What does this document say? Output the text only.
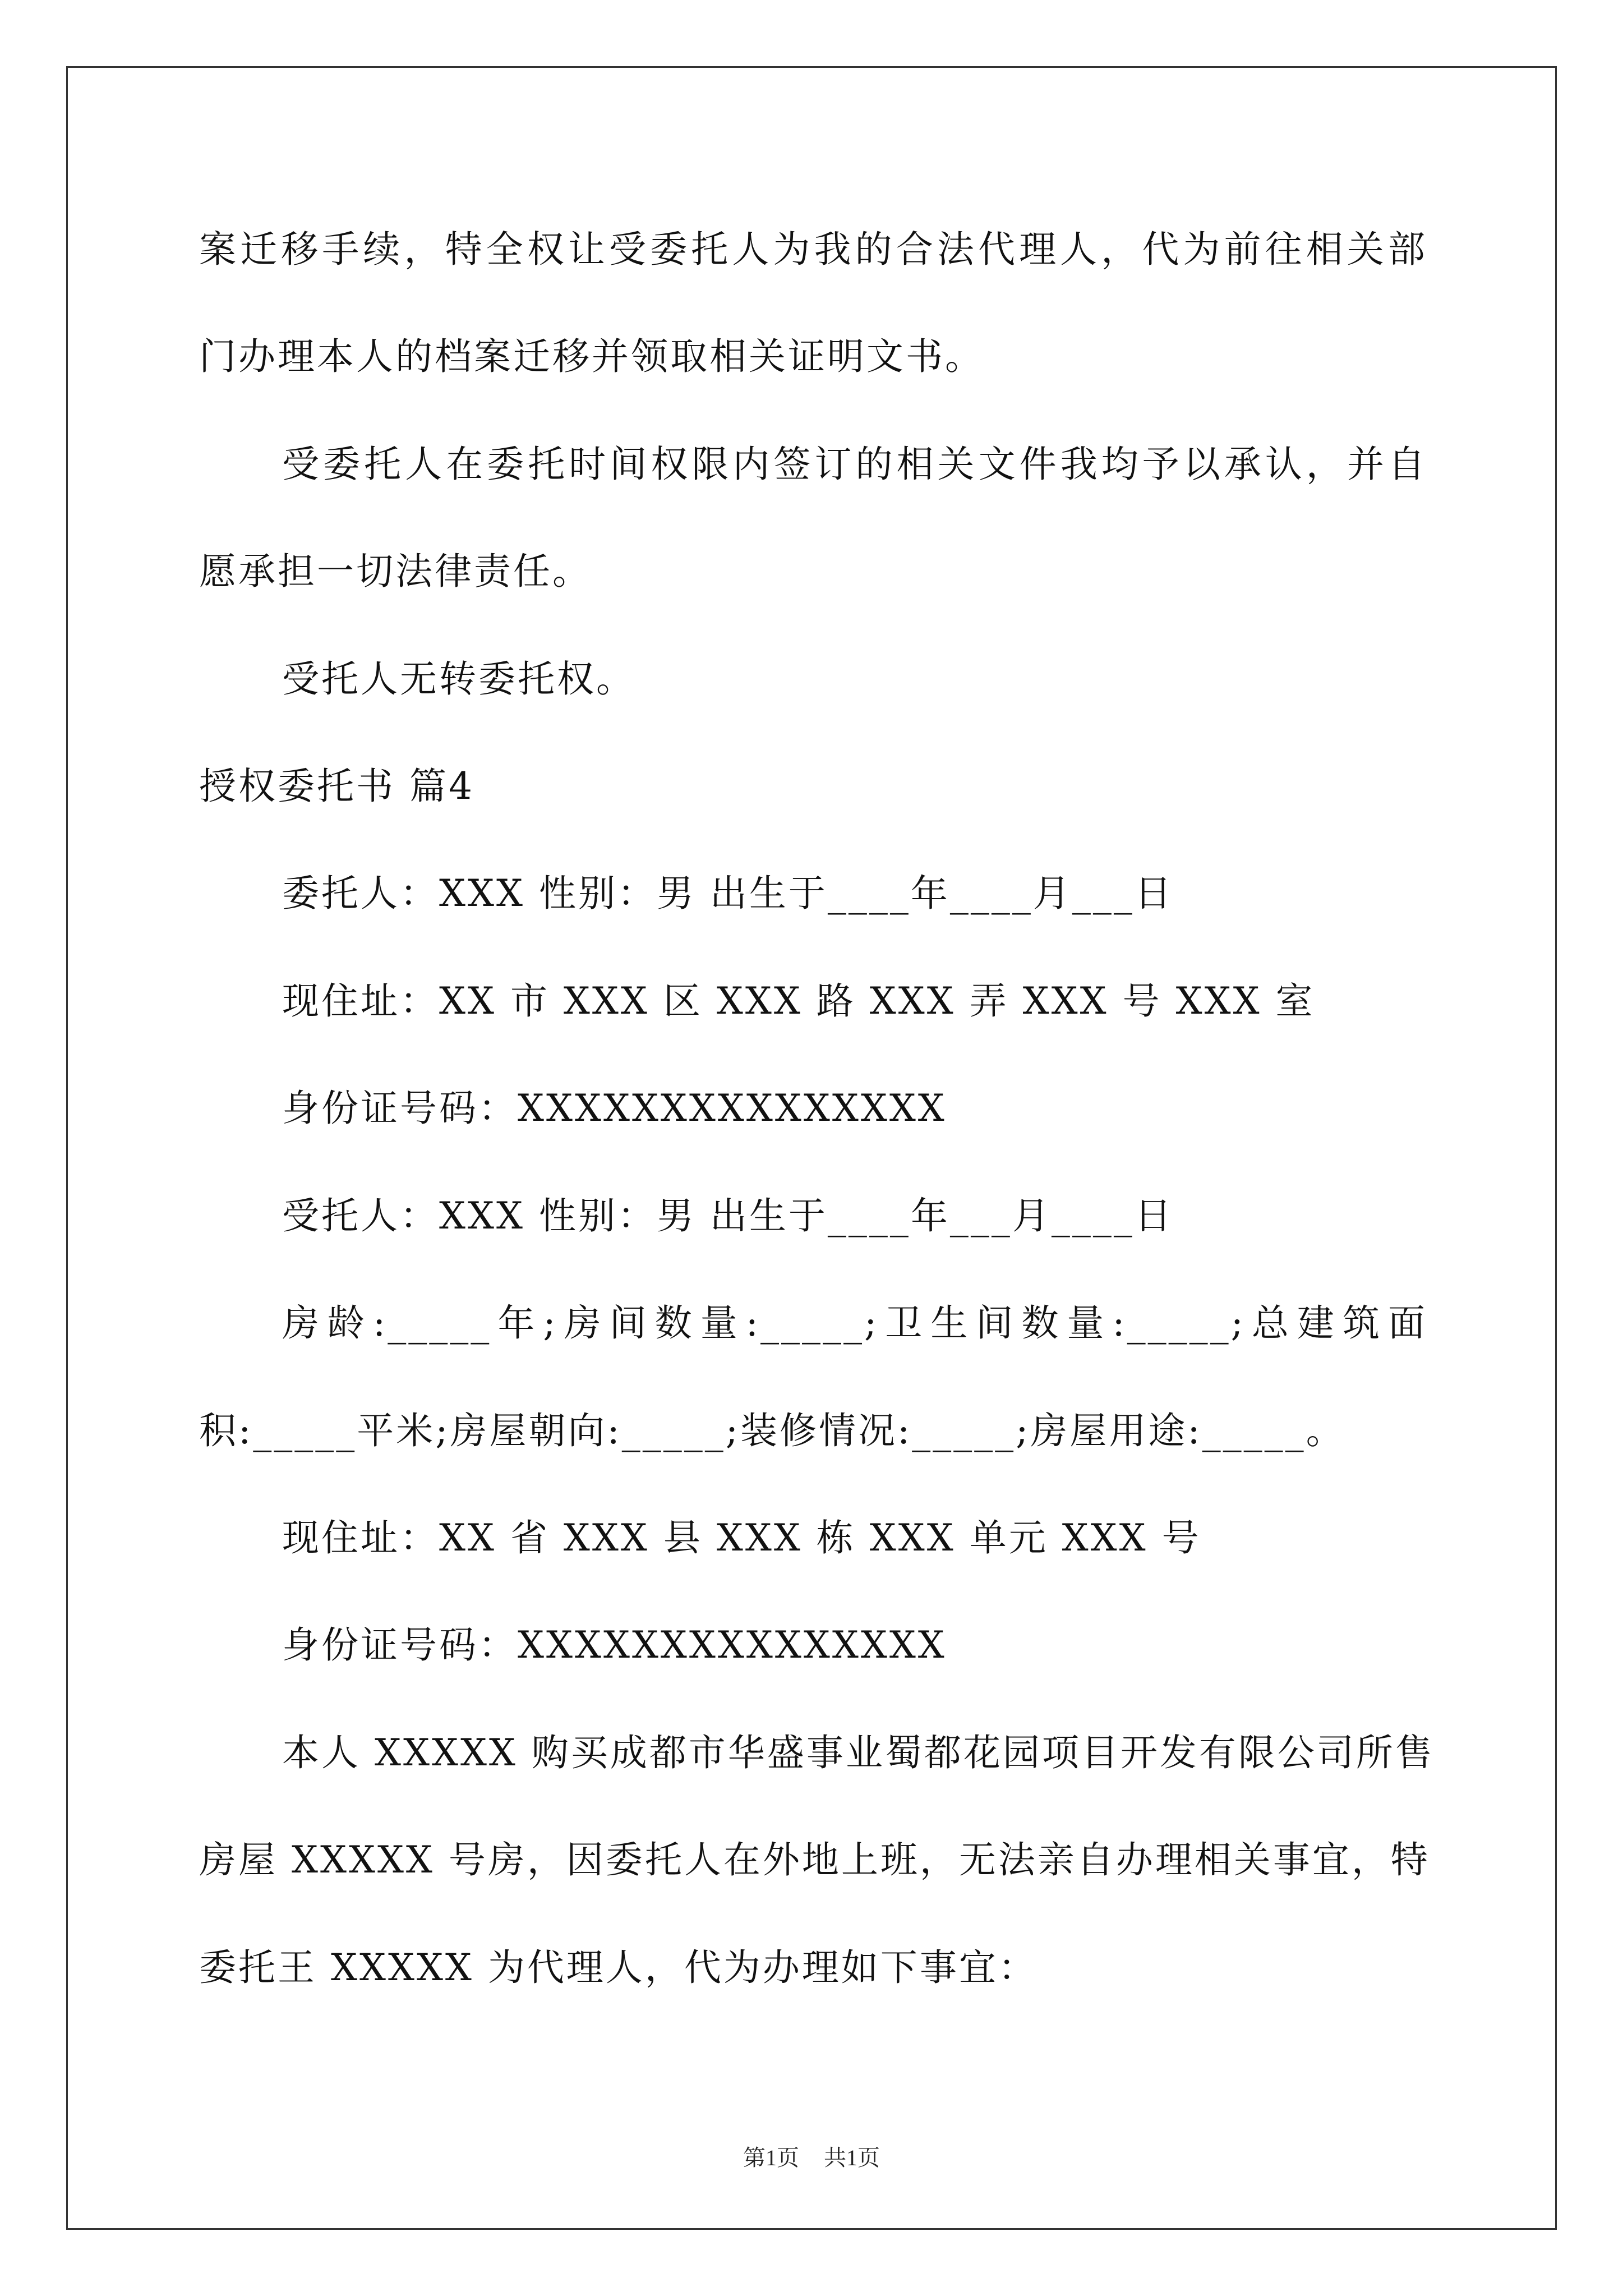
案迁移手续，特全权让受委托人为我的合法代理人，代为前往相关部
门办理本人的档案迁移并领取相关证明文书。
受委托人在委托时间权限内签订的相关文件我均予以承认，并自
愿承担一切法律责任。
受托人无转委托权。
授权委托书 篇4
委托人：XXX 性别：男 出生于____年____月___日
现住址：XX 市 XXX 区 XXX 路 XXX 弄 XXX 号 XXX 室
身份证号码：XXXXXXXXXXXXXXX
受托人：XXX 性别：男 出生于____年___月____日
房龄:_____年;房间数量:_____;卫生间数量:_____;总建筑面
积:_____平米;房屋朝向:_____;装修情况:_____;房屋用途:_____。
现住址：XX 省 XXX 县 XXX 栋 XXX 单元 XXX 号
身份证号码：XXXXXXXXXXXXXXX
本人 XXXXX 购买成都市华盛事业蜀都花园项目开发有限公司所售
房屋 XXXXX 号房，因委托人在外地上班，无法亲自办理相关事宜，特
委托王 XXXXX 为代理人，代为办理如下事宜：
第1页 共1页
